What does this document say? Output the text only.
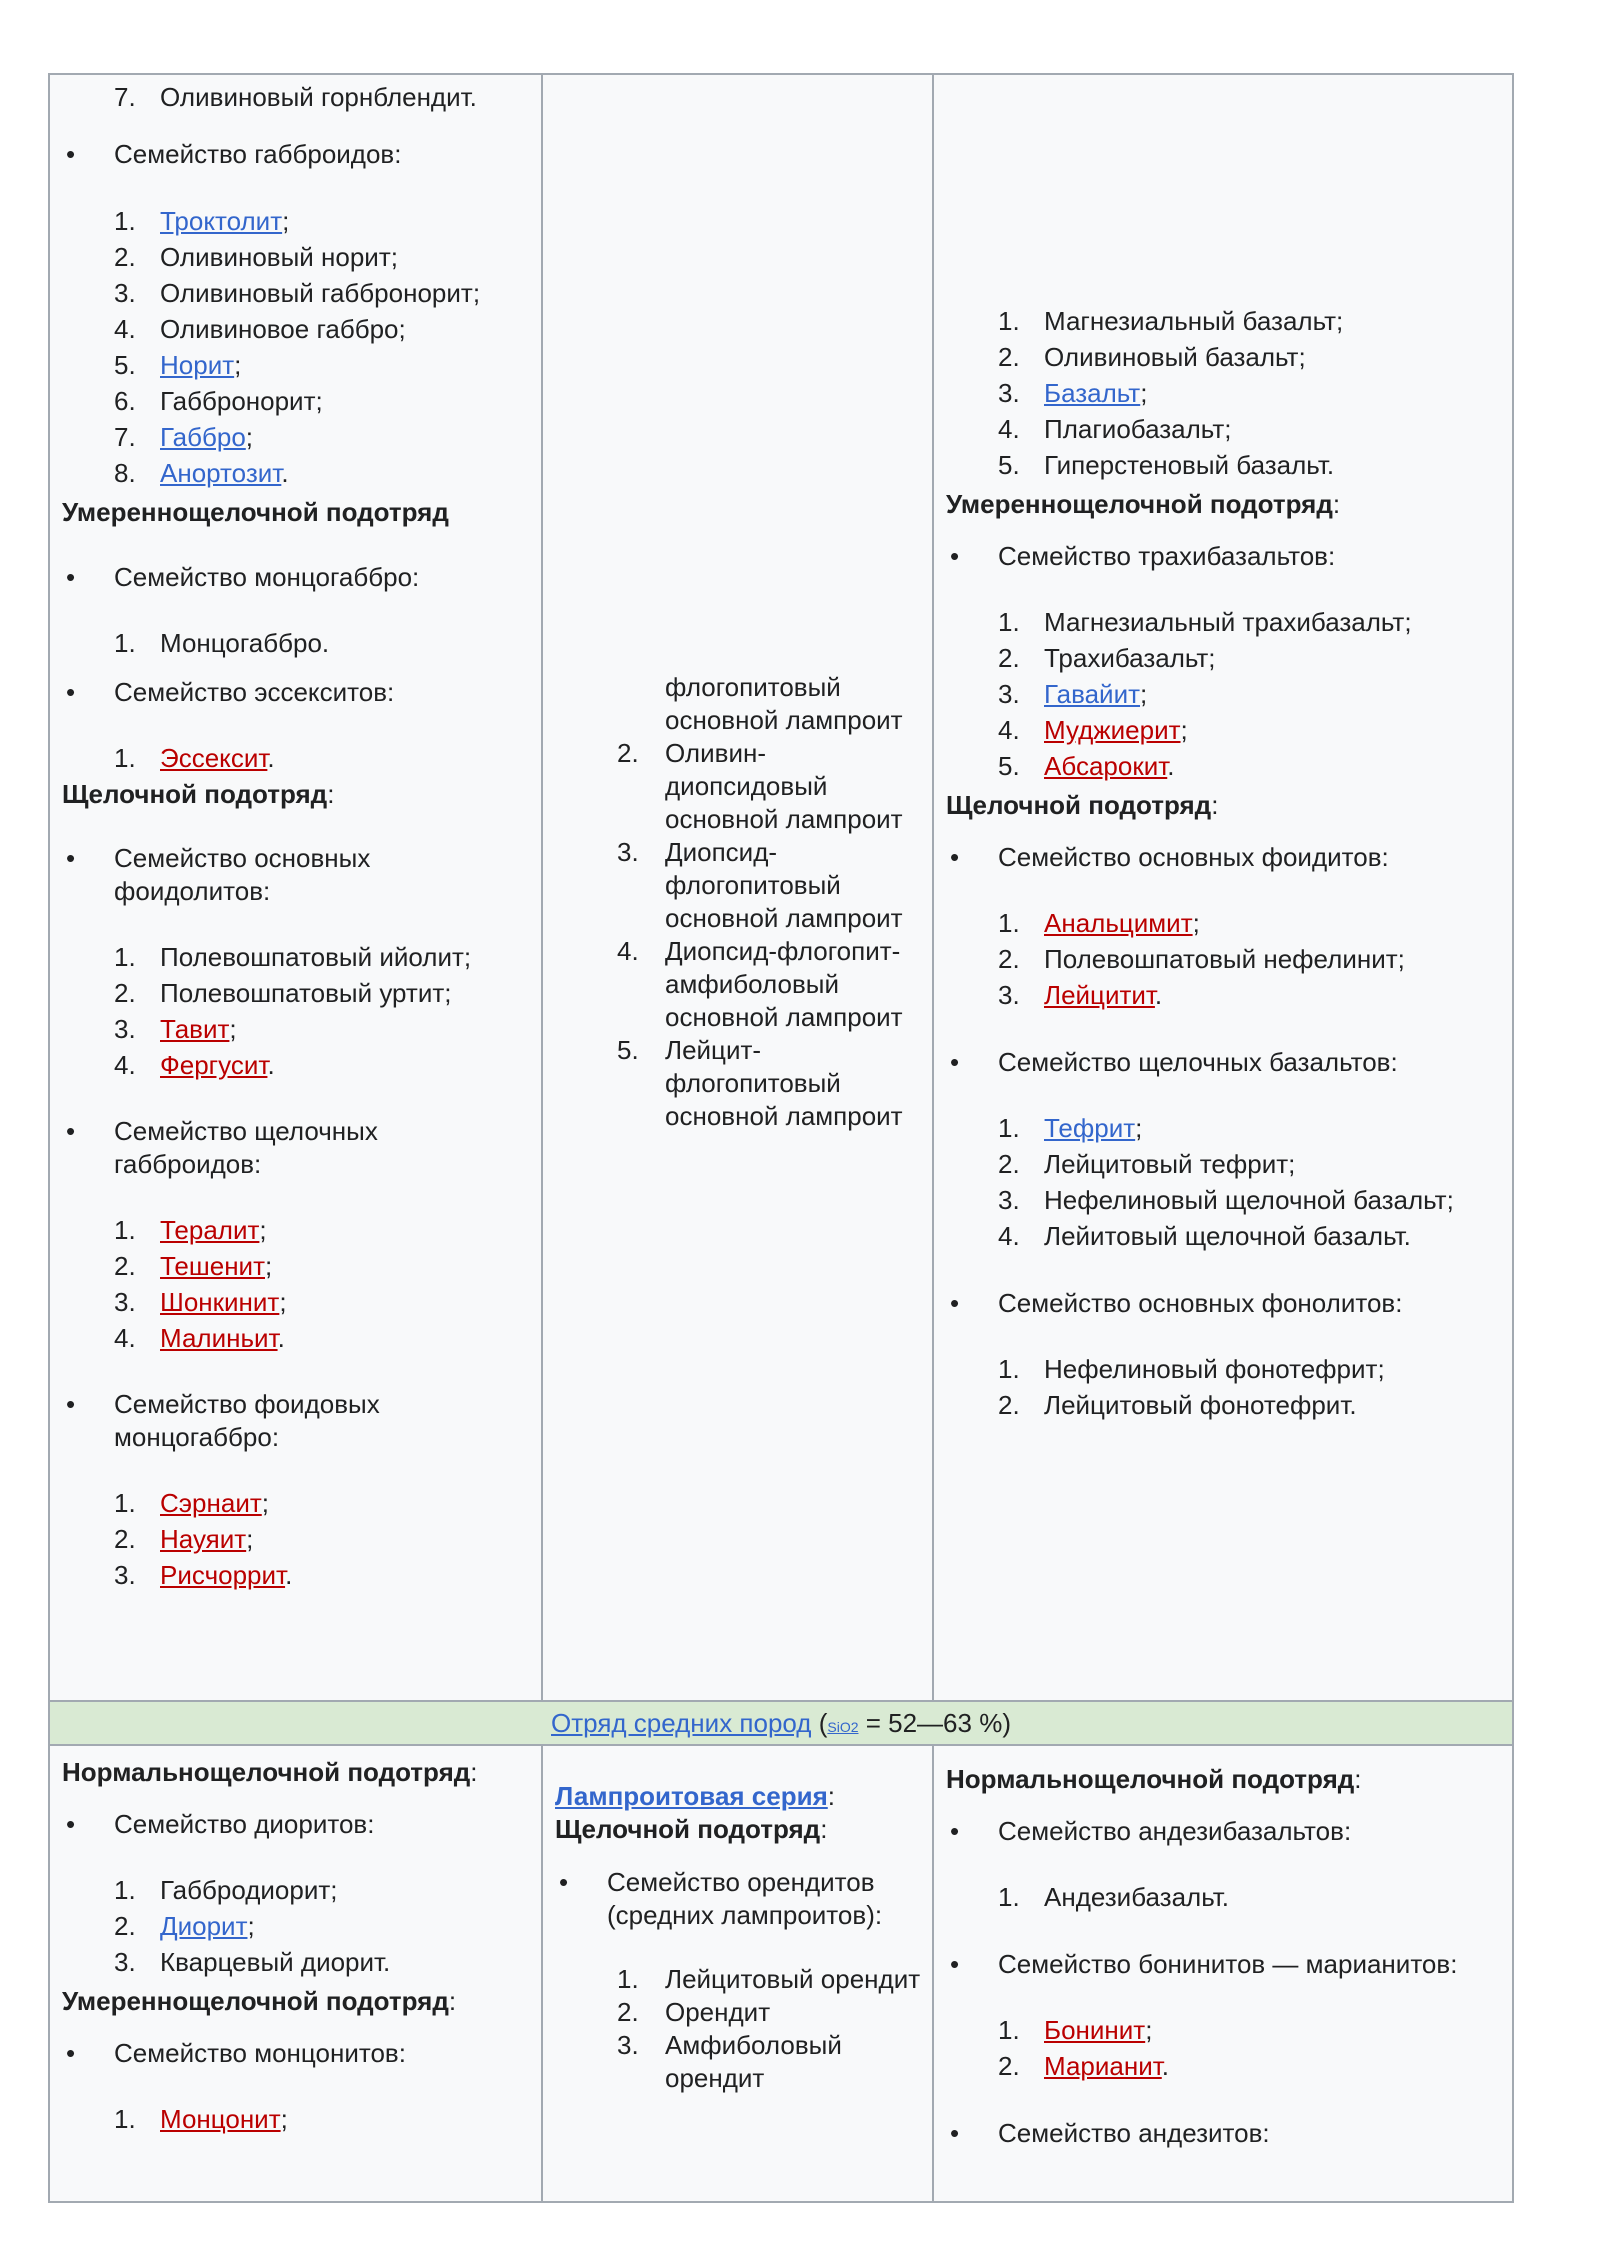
7. Оливиновый горнблендит.
• Семейство габброидов:
1. Троктолит;
2. Оливиновый норит;
3. Оливиновый габбронорит;
4. Оливиновое габбро;
5. Норит;
6. Габбронорит;
7. Габбро;
8. Анортозит.
Умереннощелочной подотряд
• Семейство монцогаббро:
1. Монцогаббро.
• Семейство эссекситов:
1. Эссексит.
Щелочной подотряд:
• Семейство основных фоидолитов:
1. Полевошпатовый ийолит;
2. Полевошпатовый уртит;
3. Тавит;
4. Фергусит.
• Семейство щелочных габброидов:
1. Тералит;
2. Тешенит;
3. Шонкинит;
4. Малиньит.
• Семейство фоидовых монцогаббро:
1. Сэрнаит;
2. Науяит;
3. Рисчоррит.
флогопитовый основной лампроит
2.	Оливин-диопсидовый основной лампроит
3.	Диопсид-флогопитовый основной лампроит
4.	Диопсид-флогопит-амфиболовый основной лампроит
5.	Лейцит-флогопитовый основной лампроит
1. Магнезиальный базальт;
2. Оливиновый базальт;
3. Базальт;
4. Плагиобазальт;
5. Гиперстеновый базальт.
Умереннощелочной подотряд:
• Семейство трахибазальтов:
1. Магнезиальный трахибазальт;
2. Трахибазальт;
3. Гавайит;
4. Муджиерит;
5. Абсарокит.
Щелочной подотряд:
• Семейство основных фоидитов:
1. Анальцимит;
2. Полевошпатовый нефелинит;
3. Лейцитит.
• Семейство щелочных базальтов:
1. Тефрит;
2. Лейцитовый тефрит;
3. Нефелиновый щелочной базальт;
4. Лейитовый щелочной базальт.
• Семейство основных фонолитов:
1. Нефелиновый фонотефрит;
2. Лейцитовый фонотефрит.
Отряд средних пород (SiO2 = 52—63 %)
Нормальнощелочной подотряд:
• Семейство диоритов:
1. Габбродиорит;
2. Диорит;
3. Кварцевый диорит.
Умереннощелочной подотряд:
• Семейство монцонитов:
1. Монцонит;
Лампроитовая серия:
Щелочной подотряд:
• Семейство орендитов (средних лампроитов):
1.	Лейцитовый орендит
2.	Орендит
3.	Амфиболовый орендит
Нормальнощелочной подотряд:
• Семейство андезибазальтов:
1. Андезибазальт.
• Семейство бонинитов — марианитов:
1. Бонинит;
2. Марианит.
• Семейство андезитов:
